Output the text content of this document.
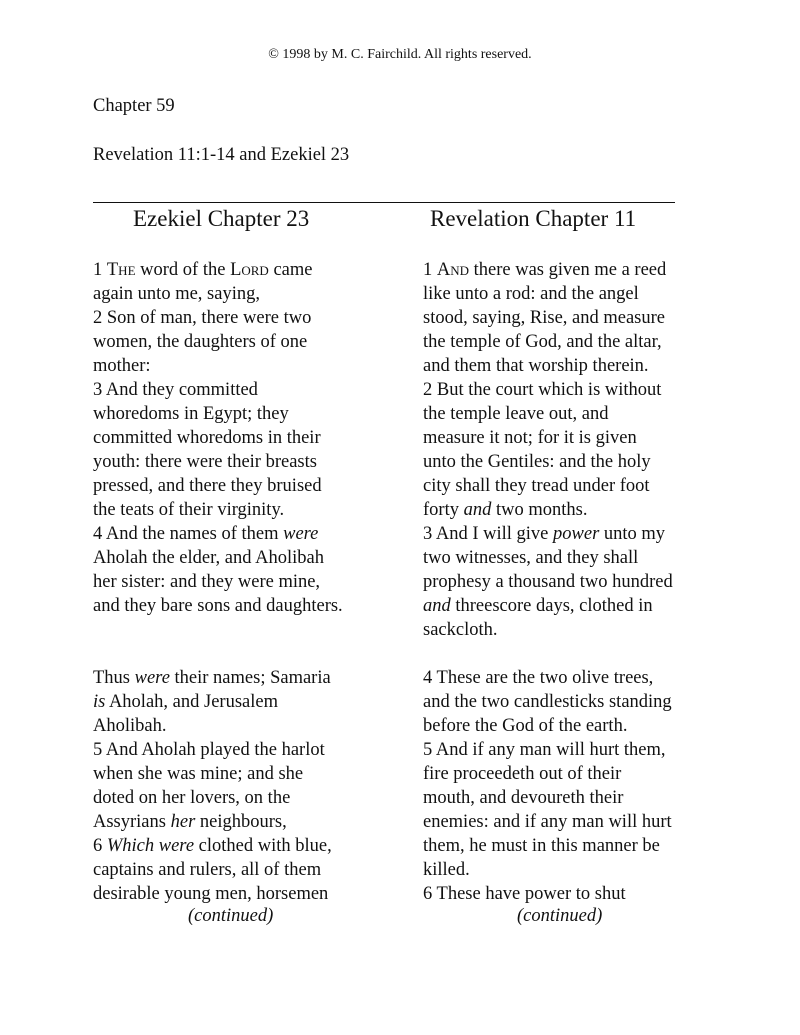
© 1998 by M. C. Fairchild. All rights reserved.
Chapter 59
Revelation 11:1-14 and Ezekiel 23
Ezekiel Chapter 23	Revelation Chapter 11
1 The word of the Lord came
again unto me, saying,
2 Son of man, there were two
women, the daughters of one
mother:
3 And they committed
whoredoms in Egypt; they
committed whoredoms in their
youth: there were their breasts
pressed, and there they bruised
the teats of their virginity.
4 And the names of them were
Aholah the elder, and Aholibah
her sister: and they were mine,
and they bare sons and daughters.
Thus were their names; Samaria
is Aholah, and Jerusalem
Aholibah.
5 And Aholah played the harlot
when she was mine; and she
doted on her lovers, on the
Assyrians her neighbours,
6 Which were clothed with blue,
captains and rulers, all of them
desirable young men, horsemen
1 And there was given me a reed
like unto a rod: and the angel
stood, saying, Rise, and measure
the temple of God, and the altar,
and them that worship therein.
2 But the court which is without
the temple leave out, and
measure it not; for it is given
unto the Gentiles: and the holy
city shall they tread under foot
forty and two months.
3 And I will give power unto my
two witnesses, and they shall
prophesy a thousand two hundred
and threescore days, clothed in
sackcloth.
4 These are the two olive trees,
and the two candlesticks standing
before the God of the earth.
5 And if any man will hurt them,
fire proceedeth out of their
mouth, and devoureth their
enemies: and if any man will hurt
them, he must in this manner be
killed.
6 These have power to shut
(continued)	(continued)
